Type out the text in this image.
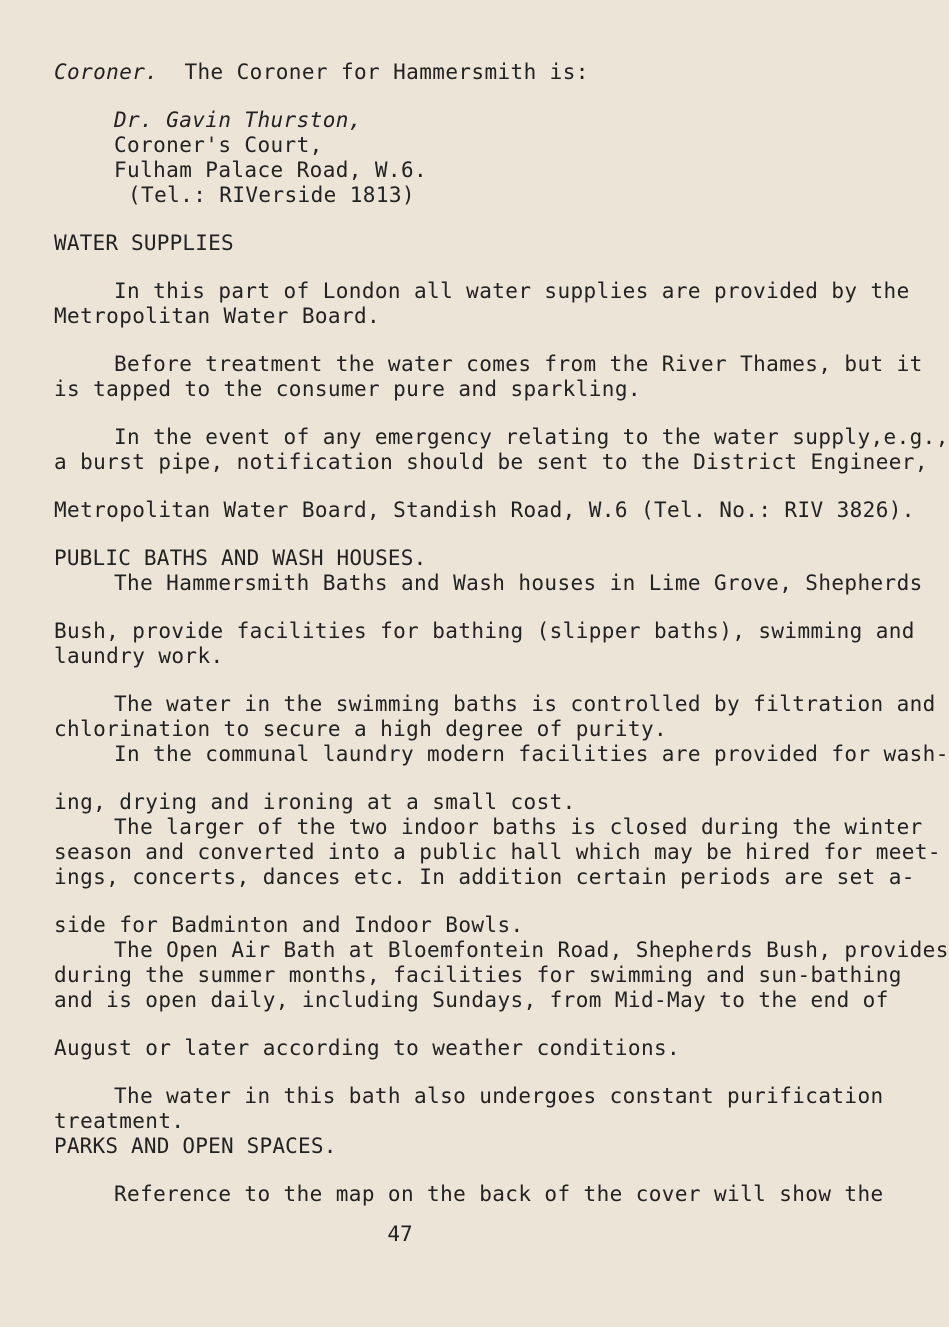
Coroner. The Coroner for Hammersmith is:
Dr. Gavin Thurston,
Coroner's Court,
Fulham Palace Road, W.6.
(Tel.: RIVerside 1813)
WATER SUPPLIES
In this part of London all water supplies are provided by the
Metropolitan Water Board.
Before treatment the water comes from the River Thames, but it
is tapped to the consumer pure and sparkling.
In the event of any emergency relating to the water supply,e.g.,
a burst pipe, notification should be sent to the District Engineer,
Metropolitan Water Board, Standish Road, W.6 (Tel. No.: RIV 3826).
PUBLIC BATHS AND WASH HOUSES.
The Hammersmith Baths and Wash houses in Lime Grove, Shepherds
Bush, provide facilities for bathing (slipper baths), swimming and
laundry work.
The water in the swimming baths is controlled by filtration and
chlorination to secure a high degree of purity.
In the communal laundry modern facilities are provided for wash-
ing, drying and ironing at a small cost.
The larger of the two indoor baths is closed during the winter
season and converted into a public hall which may be hired for meet-
ings, concerts, dances etc. In addition certain periods are set a-
side for Badminton and Indoor Bowls.
The Open Air Bath at Bloemfontein Road, Shepherds Bush, provides
during the summer months, facilities for swimming and sun-bathing
and is open daily, including Sundays, from Mid-May to the end of
August or later according to weather conditions.
The water in this bath also undergoes constant purification
treatment.
47
PARKS AND OPEN SPACES.
Reference to the map on the back of the cover will show the
